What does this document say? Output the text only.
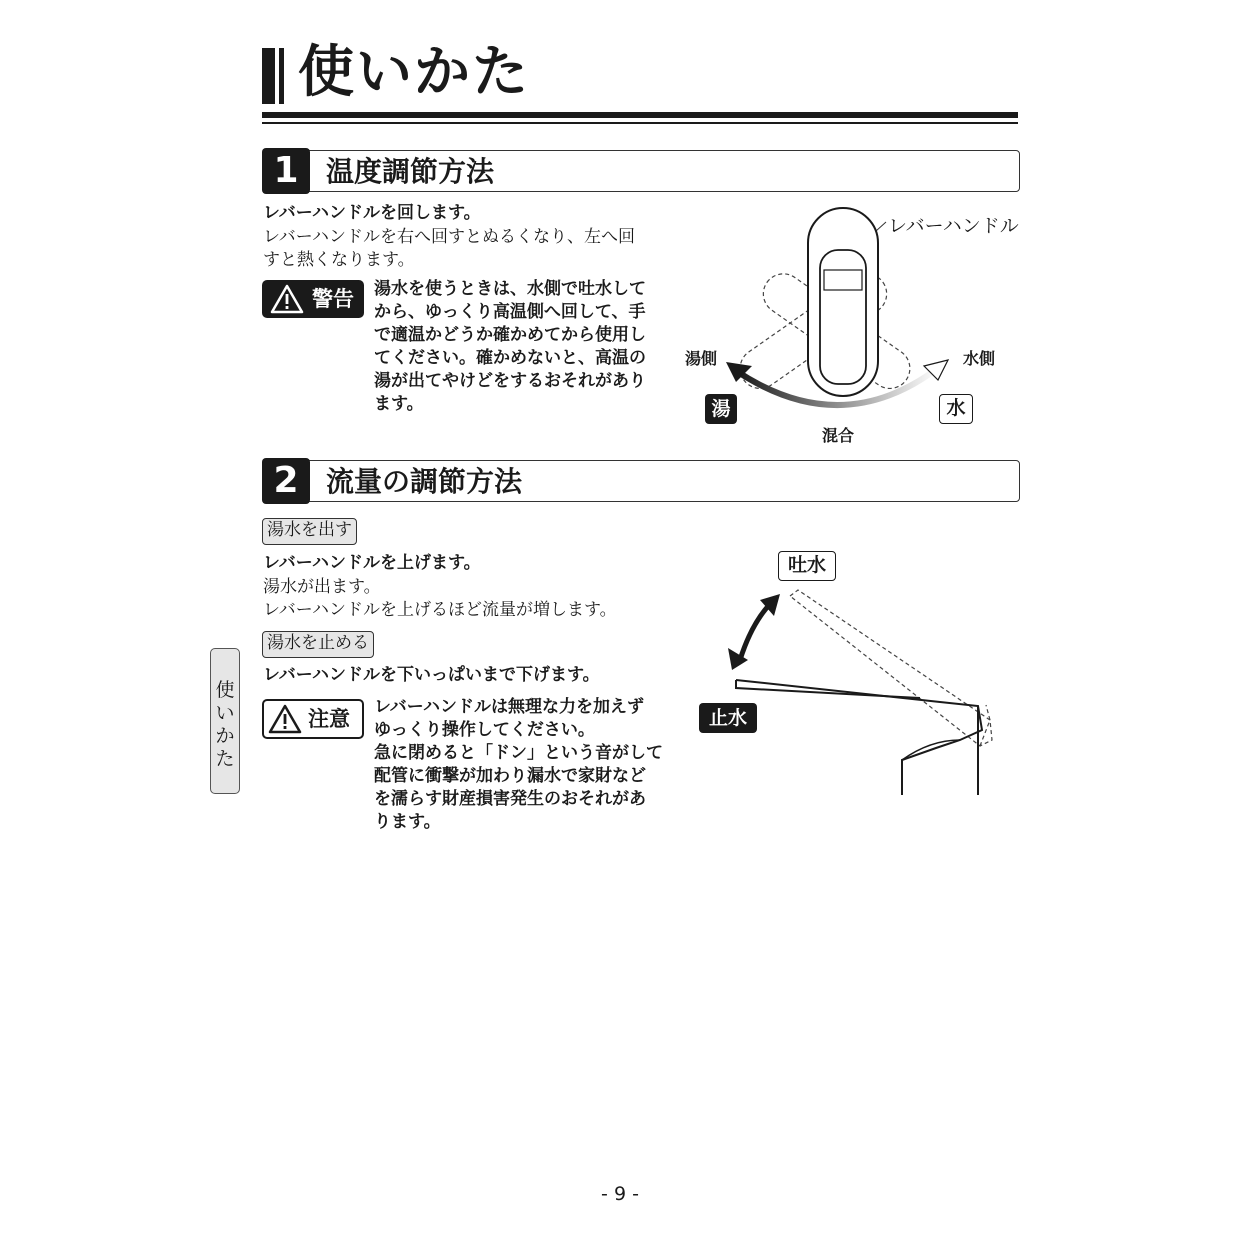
使いかた
1 温度調節方法
レバーハンドルを回します。
レバーハンドルを右へ回すとぬるくなり、左へ回
すと熱くなります。
警告	湯水を使うときは、水側で吐水して
から、ゆっくり高温側へ回して、手
で適温かどうか確かめてから使用し
てください。確かめないと、高温の
湯が出てやけどをするおそれがあり
ます。
レバーハンドル
湯側	水側
湯	水
混合
2 流量の調節方法
湯水を出す
レバーハンドルを上げます。
湯水が出ます。
レバーハンドルを上げるほど流量が増します。
湯水を止める
レバーハンドルを下いっぱいまで下げます。
注意	レバーハンドルは無理な力を加えず
ゆっくり操作してください。
急に閉めると「ドン」という音がして
配管に衝撃が加わり漏水で家財など
を濡らす財産損害発生のおそれがあ
ります。
吐水
止水
使
い
か
た
- 9 -
